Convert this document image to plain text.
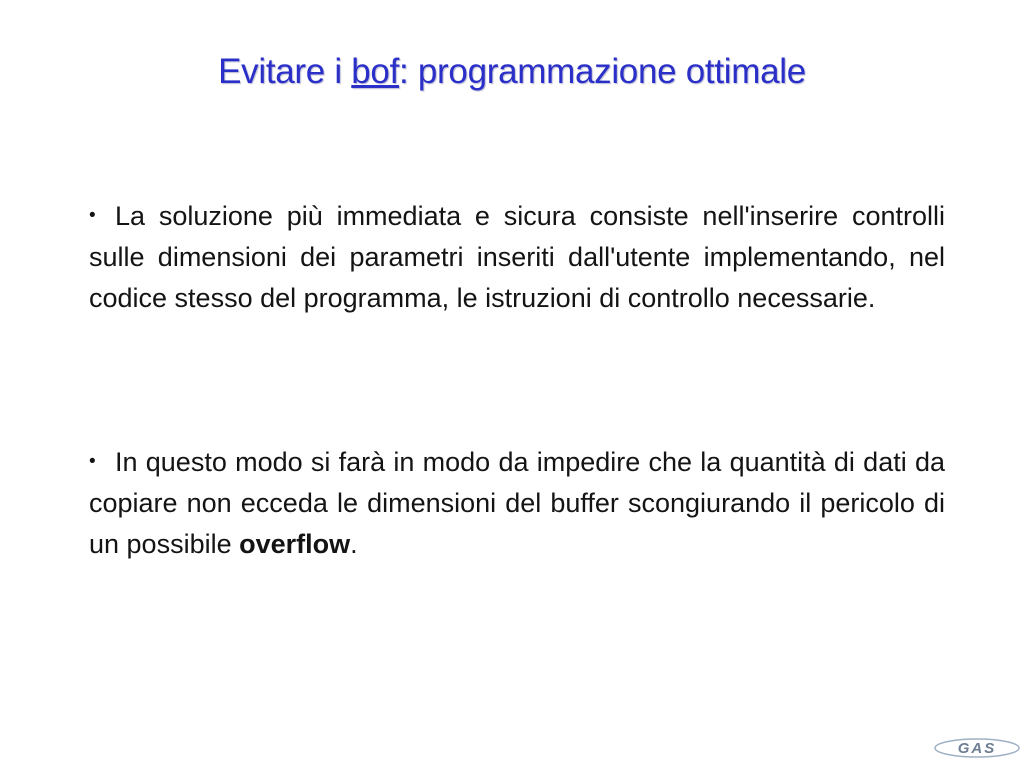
Evitare i bof: programmazione ottimale

• La soluzione più immediata e sicura consiste nell'inserire controlli sulle dimensioni dei parametri inseriti dall'utente implementando, nel codice stesso del programma, le istruzioni di controllo necessarie.

• In questo modo si farà in modo da impedire che la quantità di dati da copiare non ecceda le dimensioni del buffer scongiurando il pericolo di un possibile overflow.

GAS
